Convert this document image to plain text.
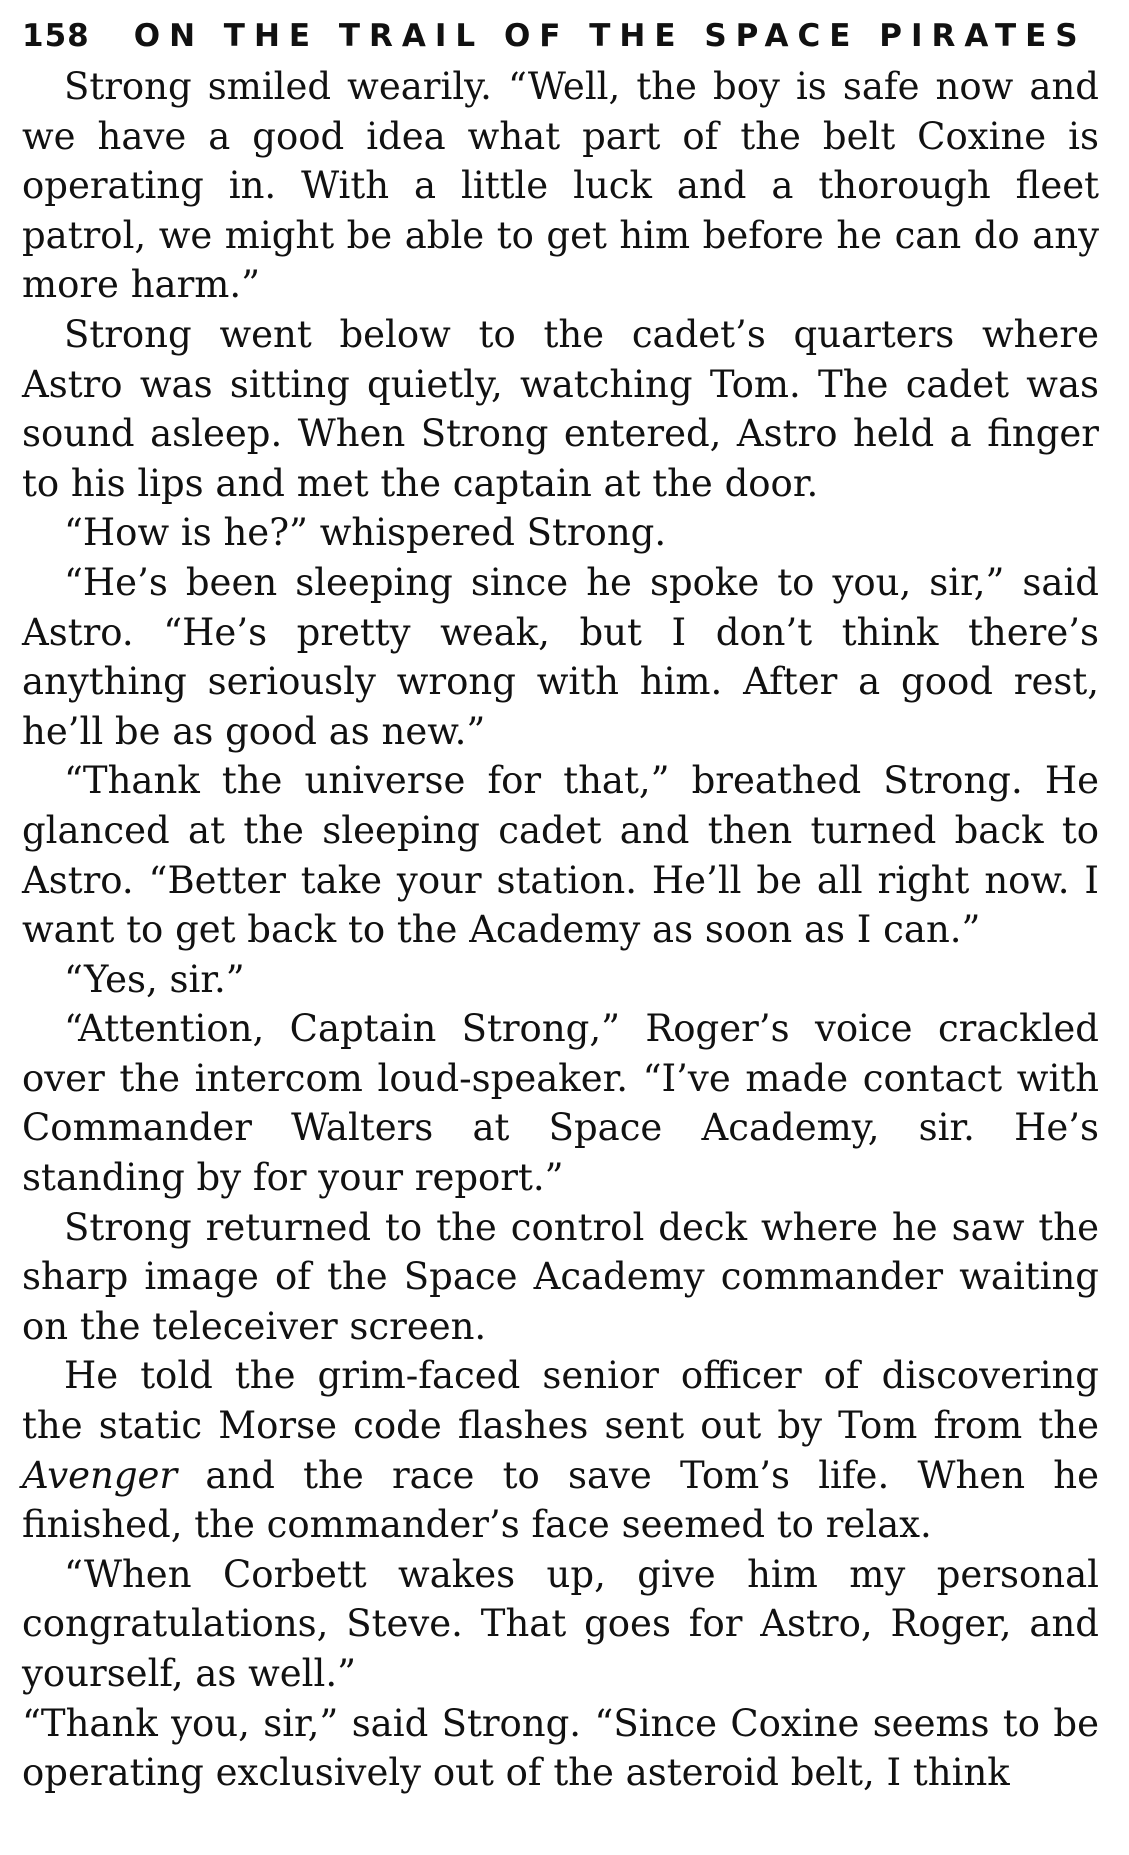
158 ON THE TRAIL OF THE SPACE PIRATES

Strong smiled wearily. “Well, the boy is safe now and we have a good idea what part of the belt Coxine is operating in. With a little luck and a thorough fleet patrol, we might be able to get him before he can do any more harm.”

Strong went below to the cadet’s quarters where Astro was sitting quietly, watching Tom. The cadet was sound asleep. When Strong entered, Astro held a finger to his lips and met the captain at the door.

“How is he?” whispered Strong.

“He’s been sleeping since he spoke to you, sir,” said Astro. “He’s pretty weak, but I don’t think there’s anything seriously wrong with him. After a good rest, he’ll be as good as new.”

“Thank the universe for that,” breathed Strong. He glanced at the sleeping cadet and then turned back to Astro. “Better take your station. He’ll be all right now. I want to get back to the Academy as soon as I can.”

“Yes, sir.”

“Attention, Captain Strong,” Roger’s voice crackled over the intercom loud-speaker. “I’ve made contact with Commander Walters at Space Academy, sir. He’s standing by for your report.”

Strong returned to the control deck where he saw the sharp image of the Space Academy commander waiting on the teleceiver screen.

He told the grim-faced senior officer of discovering the static Morse code flashes sent out by Tom from the Avenger and the race to save Tom’s life. When he finished, the commander’s face seemed to relax.

“When Corbett wakes up, give him my personal congratulations, Steve. That goes for Astro, Roger, and yourself, as well.”

“Thank you, sir,” said Strong. “Since Coxine seems to be operating exclusively out of the asteroid belt, I think
